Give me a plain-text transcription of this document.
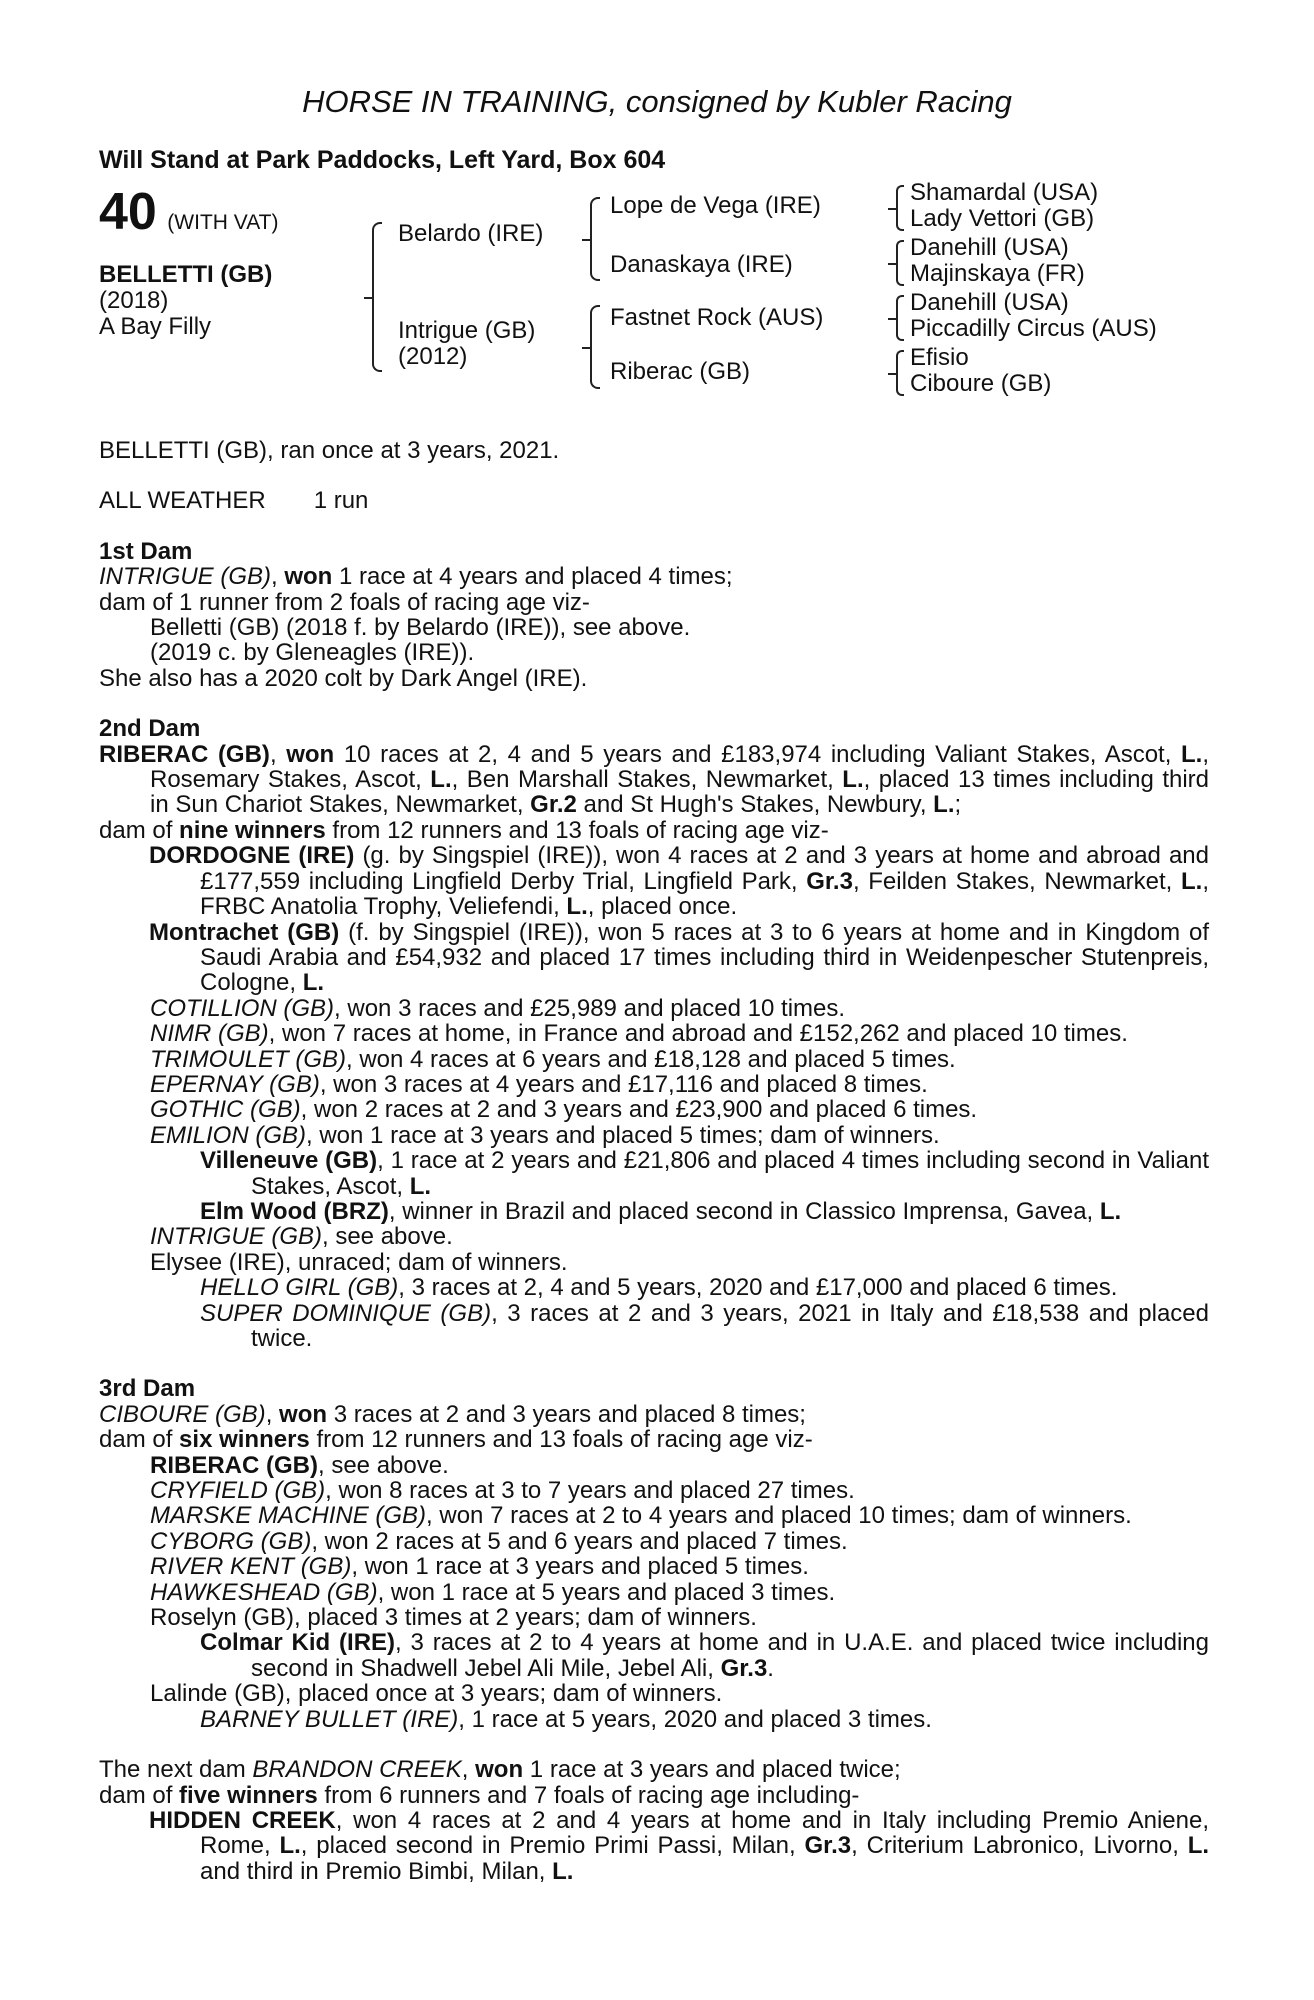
HORSE IN TRAINING, consigned by Kubler Racing
Will Stand at Park Paddocks, Left Yard, Box 604
40 (WITH VAT)
BELLETTI (GB)
(2018)
A Bay Filly
Belardo (IRE)
Intrigue (GB)
(2012)
Lope de Vega (IRE)
Danaskaya (IRE)
Fastnet Rock (AUS)
Riberac (GB)
Shamardal (USA)
Lady Vettori (GB)
Danehill (USA)
Majinskaya (FR)
Danehill (USA)
Piccadilly Circus (AUS)
Efisio
Ciboure (GB)

BELLETTI (GB), ran once at 3 years, 2021.

ALL WEATHER 1 run

1st Dam

INTRIGUE (GB), won 1 race at 4 years and placed 4 times;

dam of 1 runner from 2 foals of racing age viz-

Belletti (GB) (2018 f. by Belardo (IRE)), see above.

(2019 c. by Gleneagles (IRE)).

She also has a 2020 colt by Dark Angel (IRE).

2nd Dam

RIBERAC (GB), won 10 races at 2, 4 and 5 years and £183,974 including Valiant Stakes, Ascot, L., Rosemary Stakes, Ascot, L., Ben Marshall Stakes, Newmarket, L., placed 13 times including third in Sun Chariot Stakes, Newmarket, Gr.2 and St Hugh's Stakes, Newbury, L.;

dam of nine winners from 12 runners and 13 foals of racing age viz-

DORDOGNE (IRE) (g. by Singspiel (IRE)), won 4 races at 2 and 3 years at home and abroad and £177,559 including Lingfield Derby Trial, Lingfield Park, Gr.3, Feilden Stakes, Newmarket, L., FRBC Anatolia Trophy, Veliefendi, L., placed once.

Montrachet (GB) (f. by Singspiel (IRE)), won 5 races at 3 to 6 years at home and in Kingdom of Saudi Arabia and £54,932 and placed 17 times including third in Weidenpescher Stutenpreis, Cologne, L.

COTILLION (GB), won 3 races and £25,989 and placed 10 times.

NIMR (GB), won 7 races at home, in France and abroad and £152,262 and placed 10 times.

TRIMOULET (GB), won 4 races at 6 years and £18,128 and placed 5 times.

EPERNAY (GB), won 3 races at 4 years and £17,116 and placed 8 times.

GOTHIC (GB), won 2 races at 2 and 3 years and £23,900 and placed 6 times.

EMILION (GB), won 1 race at 3 years and placed 5 times; dam of winners.

Villeneuve (GB), 1 race at 2 years and £21,806 and placed 4 times including second in Valiant Stakes, Ascot, L.

Elm Wood (BRZ), winner in Brazil and placed second in Classico Imprensa, Gavea, L.

INTRIGUE (GB), see above.

Elysee (IRE), unraced; dam of winners.

HELLO GIRL (GB), 3 races at 2, 4 and 5 years, 2020 and £17,000 and placed 6 times.

SUPER DOMINIQUE (GB), 3 races at 2 and 3 years, 2021 in Italy and £18,538 and placed twice.

3rd Dam

CIBOURE (GB), won 3 races at 2 and 3 years and placed 8 times;

dam of six winners from 12 runners and 13 foals of racing age viz-

RIBERAC (GB), see above.

CRYFIELD (GB), won 8 races at 3 to 7 years and placed 27 times.

MARSKE MACHINE (GB), won 7 races at 2 to 4 years and placed 10 times; dam of winners.

CYBORG (GB), won 2 races at 5 and 6 years and placed 7 times.

RIVER KENT (GB), won 1 race at 3 years and placed 5 times.

HAWKESHEAD (GB), won 1 race at 5 years and placed 3 times.

Roselyn (GB), placed 3 times at 2 years; dam of winners.

Colmar Kid (IRE), 3 races at 2 to 4 years at home and in U.A.E. and placed twice including second in Shadwell Jebel Ali Mile, Jebel Ali, Gr.3.

Lalinde (GB), placed once at 3 years; dam of winners.

BARNEY BULLET (IRE), 1 race at 5 years, 2020 and placed 3 times.

The next dam BRANDON CREEK, won 1 race at 3 years and placed twice;

dam of five winners from 6 runners and 7 foals of racing age including-

HIDDEN CREEK, won 4 races at 2 and 4 years at home and in Italy including Premio Aniene, Rome, L., placed second in Premio Primi Passi, Milan, Gr.3, Criterium Labronico, Livorno, L. and third in Premio Bimbi, Milan, L.
